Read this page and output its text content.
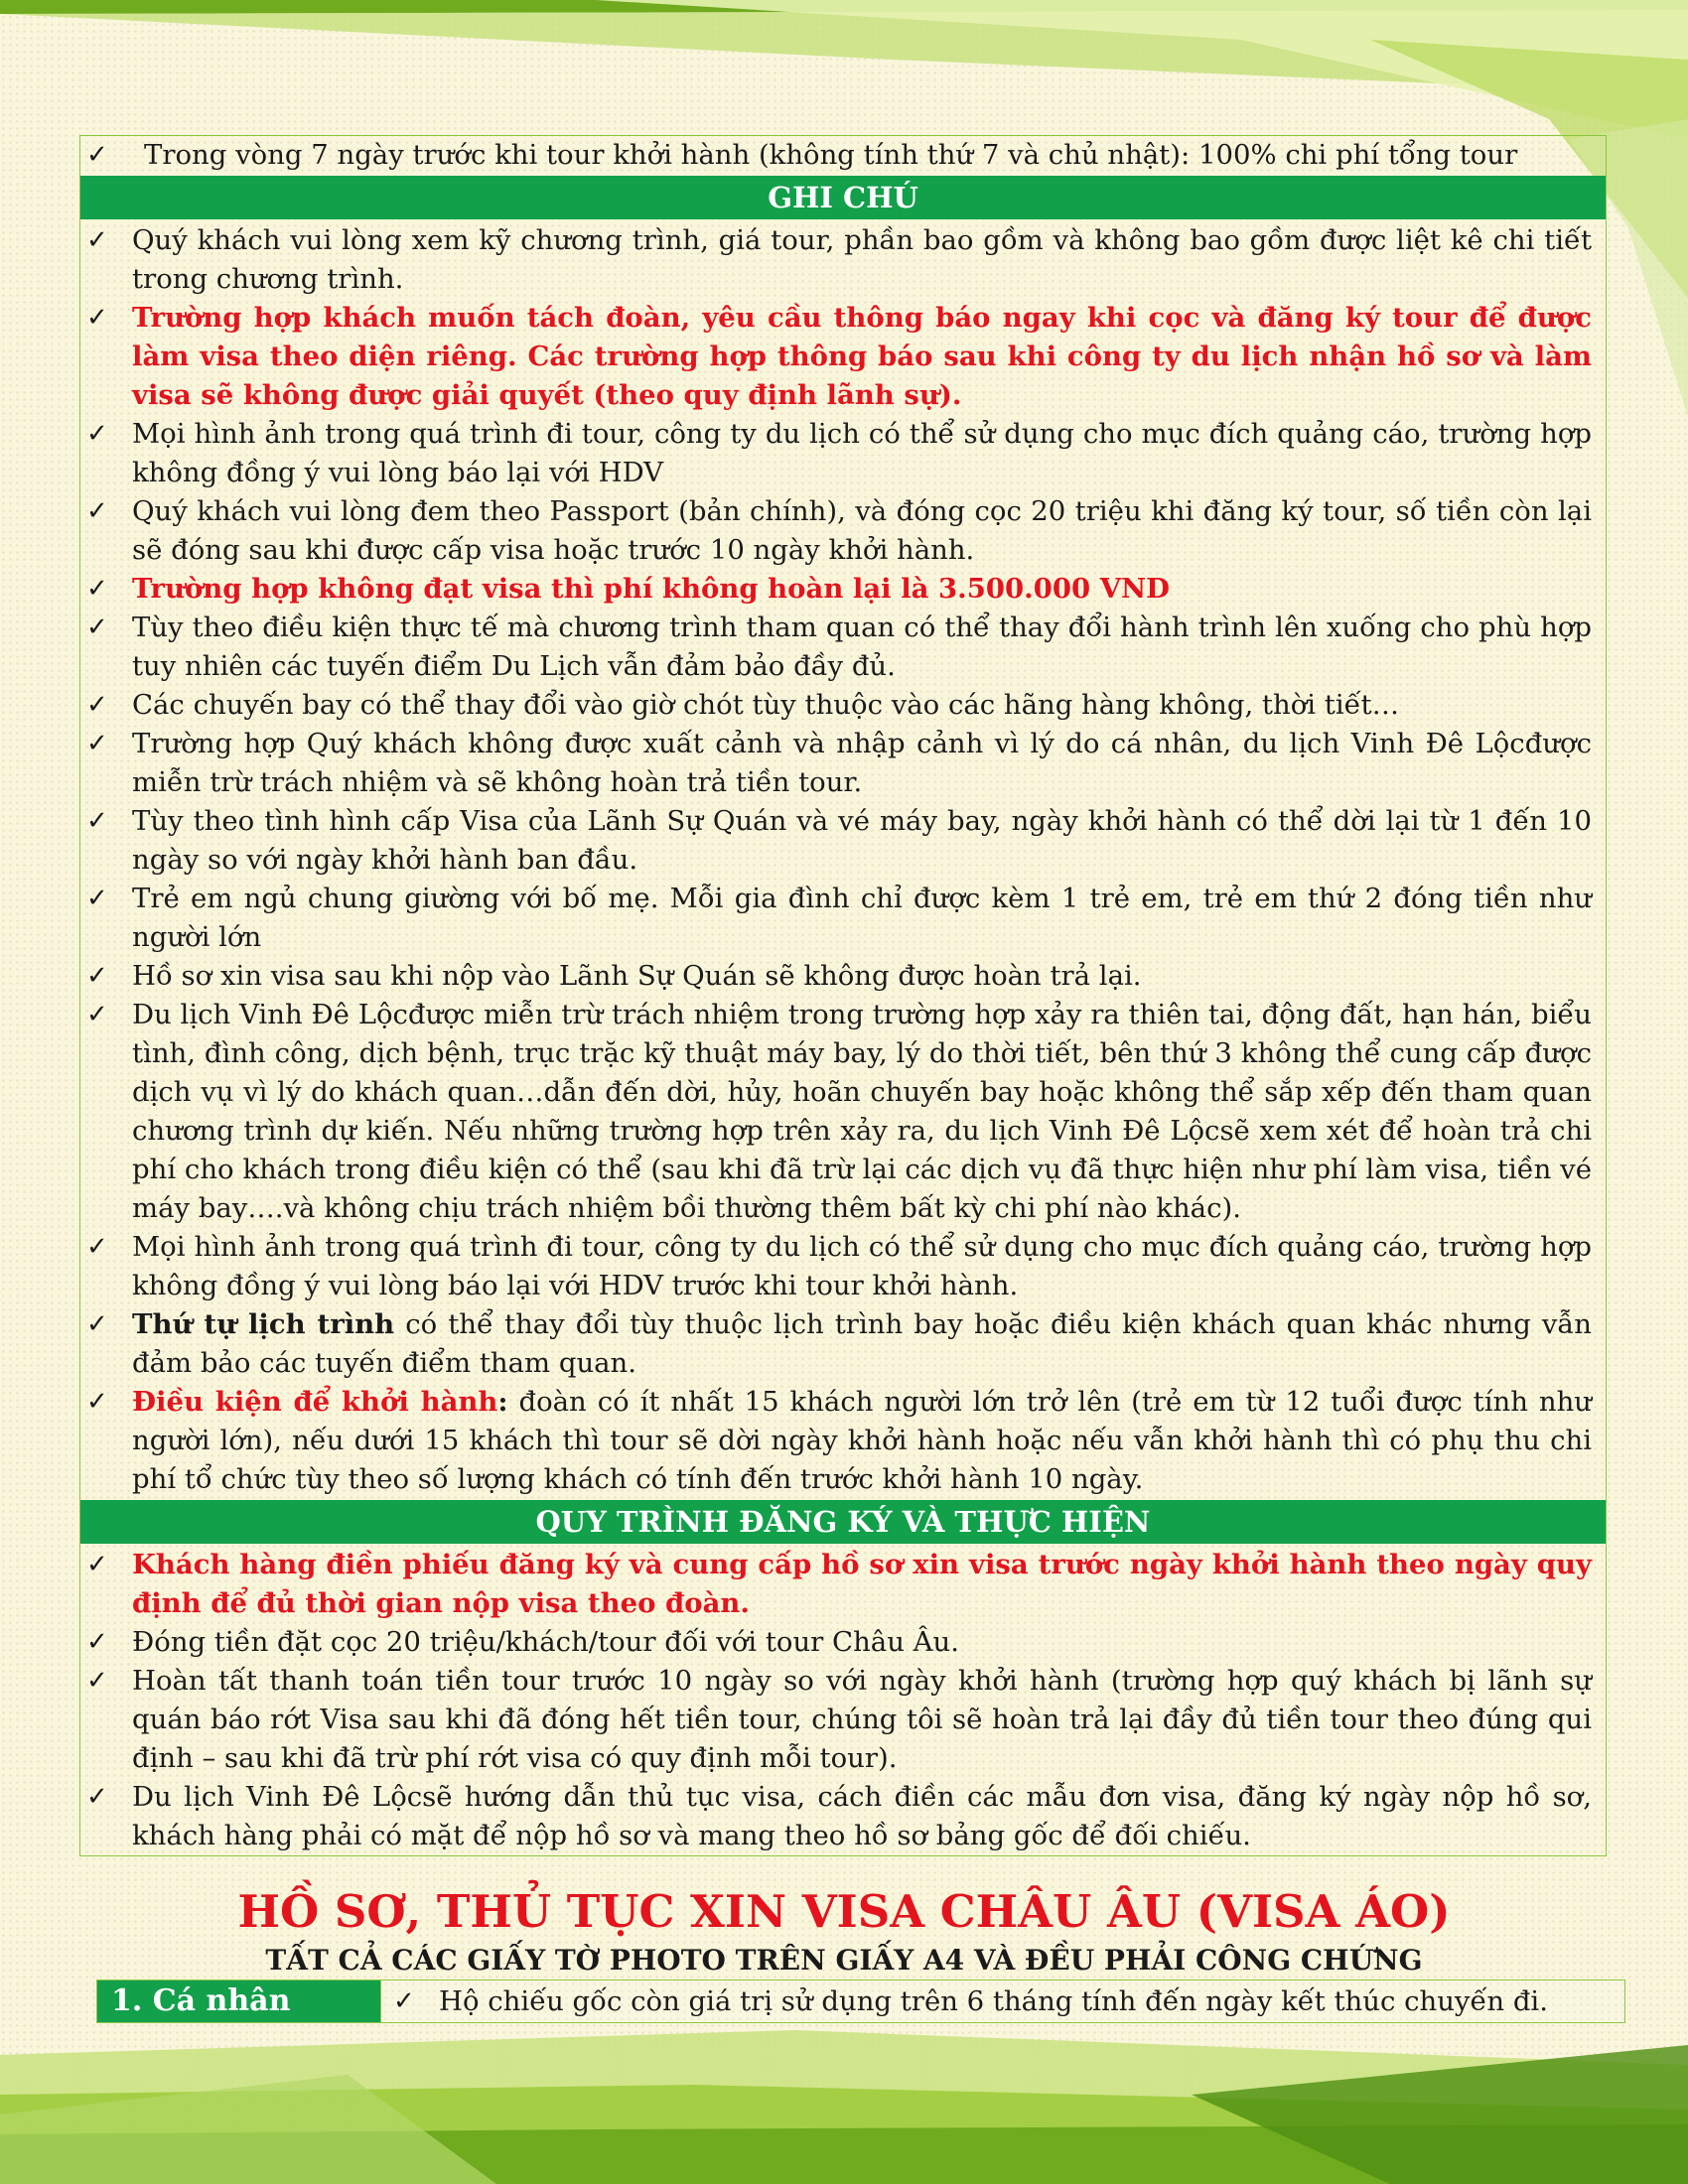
✓	Trong vòng 7 ngày trước khi tour khởi hành (không tính thứ 7 và chủ nhật): 100% chi phí tổng tour
GHI CHÚ
✓ Quý khách vui lòng xem kỹ chương trình, giá tour, phần bao gồm và không bao gồm được liệt kê chi tiết trong chương trình.
✓ Trường hợp khách muốn tách đoàn, yêu cầu thông báo ngay khi cọc và đăng ký tour để được làm visa theo diện riêng. Các trường hợp thông báo sau khi công ty du lịch nhận hồ sơ và làm visa sẽ không được giải quyết (theo quy định lãnh sự).
✓ Mọi hình ảnh trong quá trình đi tour, công ty du lịch có thể sử dụng cho mục đích quảng cáo, trường hợp không đồng ý vui lòng báo lại với HDV
✓ Quý khách vui lòng đem theo Passport (bản chính), và đóng cọc 20 triệu khi đăng ký tour, số tiền còn lại sẽ đóng sau khi được cấp visa hoặc trước 10 ngày khởi hành.
✓ Trường hợp không đạt visa thì phí không hoàn lại là 3.500.000 VND
✓ Tùy theo điều kiện thực tế mà chương trình tham quan có thể thay đổi hành trình lên xuống cho phù hợp tuy nhiên các tuyến điểm Du Lịch vẫn đảm bảo đầy đủ.
✓ Các chuyến bay có thể thay đổi vào giờ chót tùy thuộc vào các hãng hàng không, thời tiết…
✓ Trường hợp Quý khách không được xuất cảnh và nhập cảnh vì lý do cá nhân, du lịch Vinh Đê Lộcđược miễn trừ trách nhiệm và sẽ không hoàn trả tiền tour.
✓ Tùy theo tình hình cấp Visa của Lãnh Sự Quán và vé máy bay, ngày khởi hành có thể dời lại từ 1 đến 10 ngày so với ngày khởi hành ban đầu.
✓ Trẻ em ngủ chung giường với bố mẹ. Mỗi gia đình chỉ được kèm 1 trẻ em, trẻ em thứ 2 đóng tiền như người lớn
✓ Hồ sơ xin visa sau khi nộp vào Lãnh Sự Quán sẽ không được hoàn trả lại.
✓ Du lịch Vinh Đê Lộcđược miễn trừ trách nhiệm trong trường hợp xảy ra thiên tai, động đất, hạn hán, biểu tình, đình công, dịch bệnh, trục trặc kỹ thuật máy bay, lý do thời tiết, bên thứ 3 không thể cung cấp được dịch vụ vì lý do khách quan…dẫn đến dời, hủy, hoãn chuyến bay hoặc không thể sắp xếp đến tham quan chương trình dự kiến. Nếu những trường hợp trên xảy ra, du lịch Vinh Đê Lộcsẽ xem xét để hoàn trả chi phí cho khách trong điều kiện có thể (sau khi đã trừ lại các dịch vụ đã thực hiện như phí làm visa, tiền vé máy bay….và không chịu trách nhiệm bồi thường thêm bất kỳ chi phí nào khác).
✓ Mọi hình ảnh trong quá trình đi tour, công ty du lịch có thể sử dụng cho mục đích quảng cáo, trường hợp không đồng ý vui lòng báo lại với HDV trước khi tour khởi hành.
✓ Thứ tự lịch trình có thể thay đổi tùy thuộc lịch trình bay hoặc điều kiện khách quan khác nhưng vẫn đảm bảo các tuyến điểm tham quan.
✓ Điều kiện để khởi hành: đoàn có ít nhất 15 khách người lớn trở lên (trẻ em từ 12 tuổi được tính như người lớn), nếu dưới 15 khách thì tour sẽ dời ngày khởi hành hoặc nếu vẫn khởi hành thì có phụ thu chi phí tổ chức tùy theo số lượng khách có tính đến trước khởi hành 10 ngày.
QUY TRÌNH ĐĂNG KÝ VÀ THỰC HIỆN
✓ Khách hàng điền phiếu đăng ký và cung cấp hồ sơ xin visa trước ngày khởi hành theo ngày quy định để đủ thời gian nộp visa theo đoàn.
✓ Đóng tiền đặt cọc 20 triệu/khách/tour đối với tour Châu Âu.
✓ Hoàn tất thanh toán tiền tour trước 10 ngày so với ngày khởi hành (trường hợp quý khách bị lãnh sự quán báo rớt Visa sau khi đã đóng hết tiền tour, chúng tôi sẽ hoàn trả lại đầy đủ tiền tour theo đúng qui định – sau khi đã trừ phí rớt visa có quy định mỗi tour).
✓ Du lịch Vinh Đê Lộcsẽ hướng dẫn thủ tục visa, cách điền các mẫu đơn visa, đăng ký ngày nộp hồ sơ, khách hàng phải có mặt để nộp hồ sơ và mang theo hồ sơ bảng gốc để đối chiếu.
HỒ SƠ, THỦ TỤC XIN VISA CHÂU ÂU (VISA ÁO)
TẤT CẢ CÁC GIẤY TỜ PHOTO TRÊN GIẤY A4 VÀ ĐỀU PHẢI CÔNG CHỨNG
1. Cá nhân	✓ Hộ chiếu gốc còn giá trị sử dụng trên 6 tháng tính đến ngày kết thúc chuyến đi.
